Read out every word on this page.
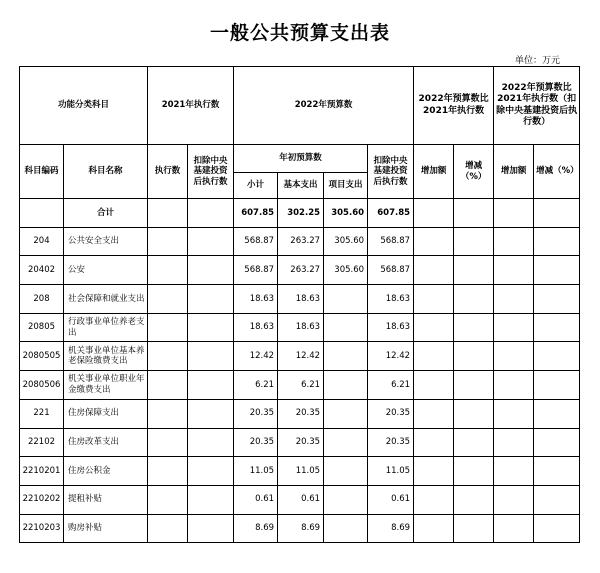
一般公共预算支出表
单位：万元
功能分类科目		2021年执行数		2022年预算数				2022年预算数比2021年执行数		2022年预算数比2021年执行数（扣除中央基建投资后执行数）	
科目编码	科目名称	执行数	扣除中央基建投资后执行数	年初预算数			扣除中央基建投资后执行数	增加额	增减（%）	增加额	增减（%）
				小计	基本支出	项目支出					
	合计			607.85	302.25	305.60	607.85				
204	公共安全支出			568.87	263.27	305.60	568.87				
20402	公安			568.87	263.27	305.60	568.87				
208	社会保障和就业支出			18.63	18.63		18.63				
20805	行政事业单位养老支出			18.63	18.63		18.63				
2080505	机关事业单位基本养老保险缴费支出			12.42	12.42		12.42				
2080506	机关事业单位职业年金缴费支出			6.21	6.21		6.21				
221	住房保障支出			20.35	20.35		20.35				
22102	住房改革支出			20.35	20.35		20.35				
2210201	住房公积金			11.05	11.05		11.05				
2210202	提租补贴			0.61	0.61		0.61				
2210203	购房补贴			8.69	8.69		8.69				
